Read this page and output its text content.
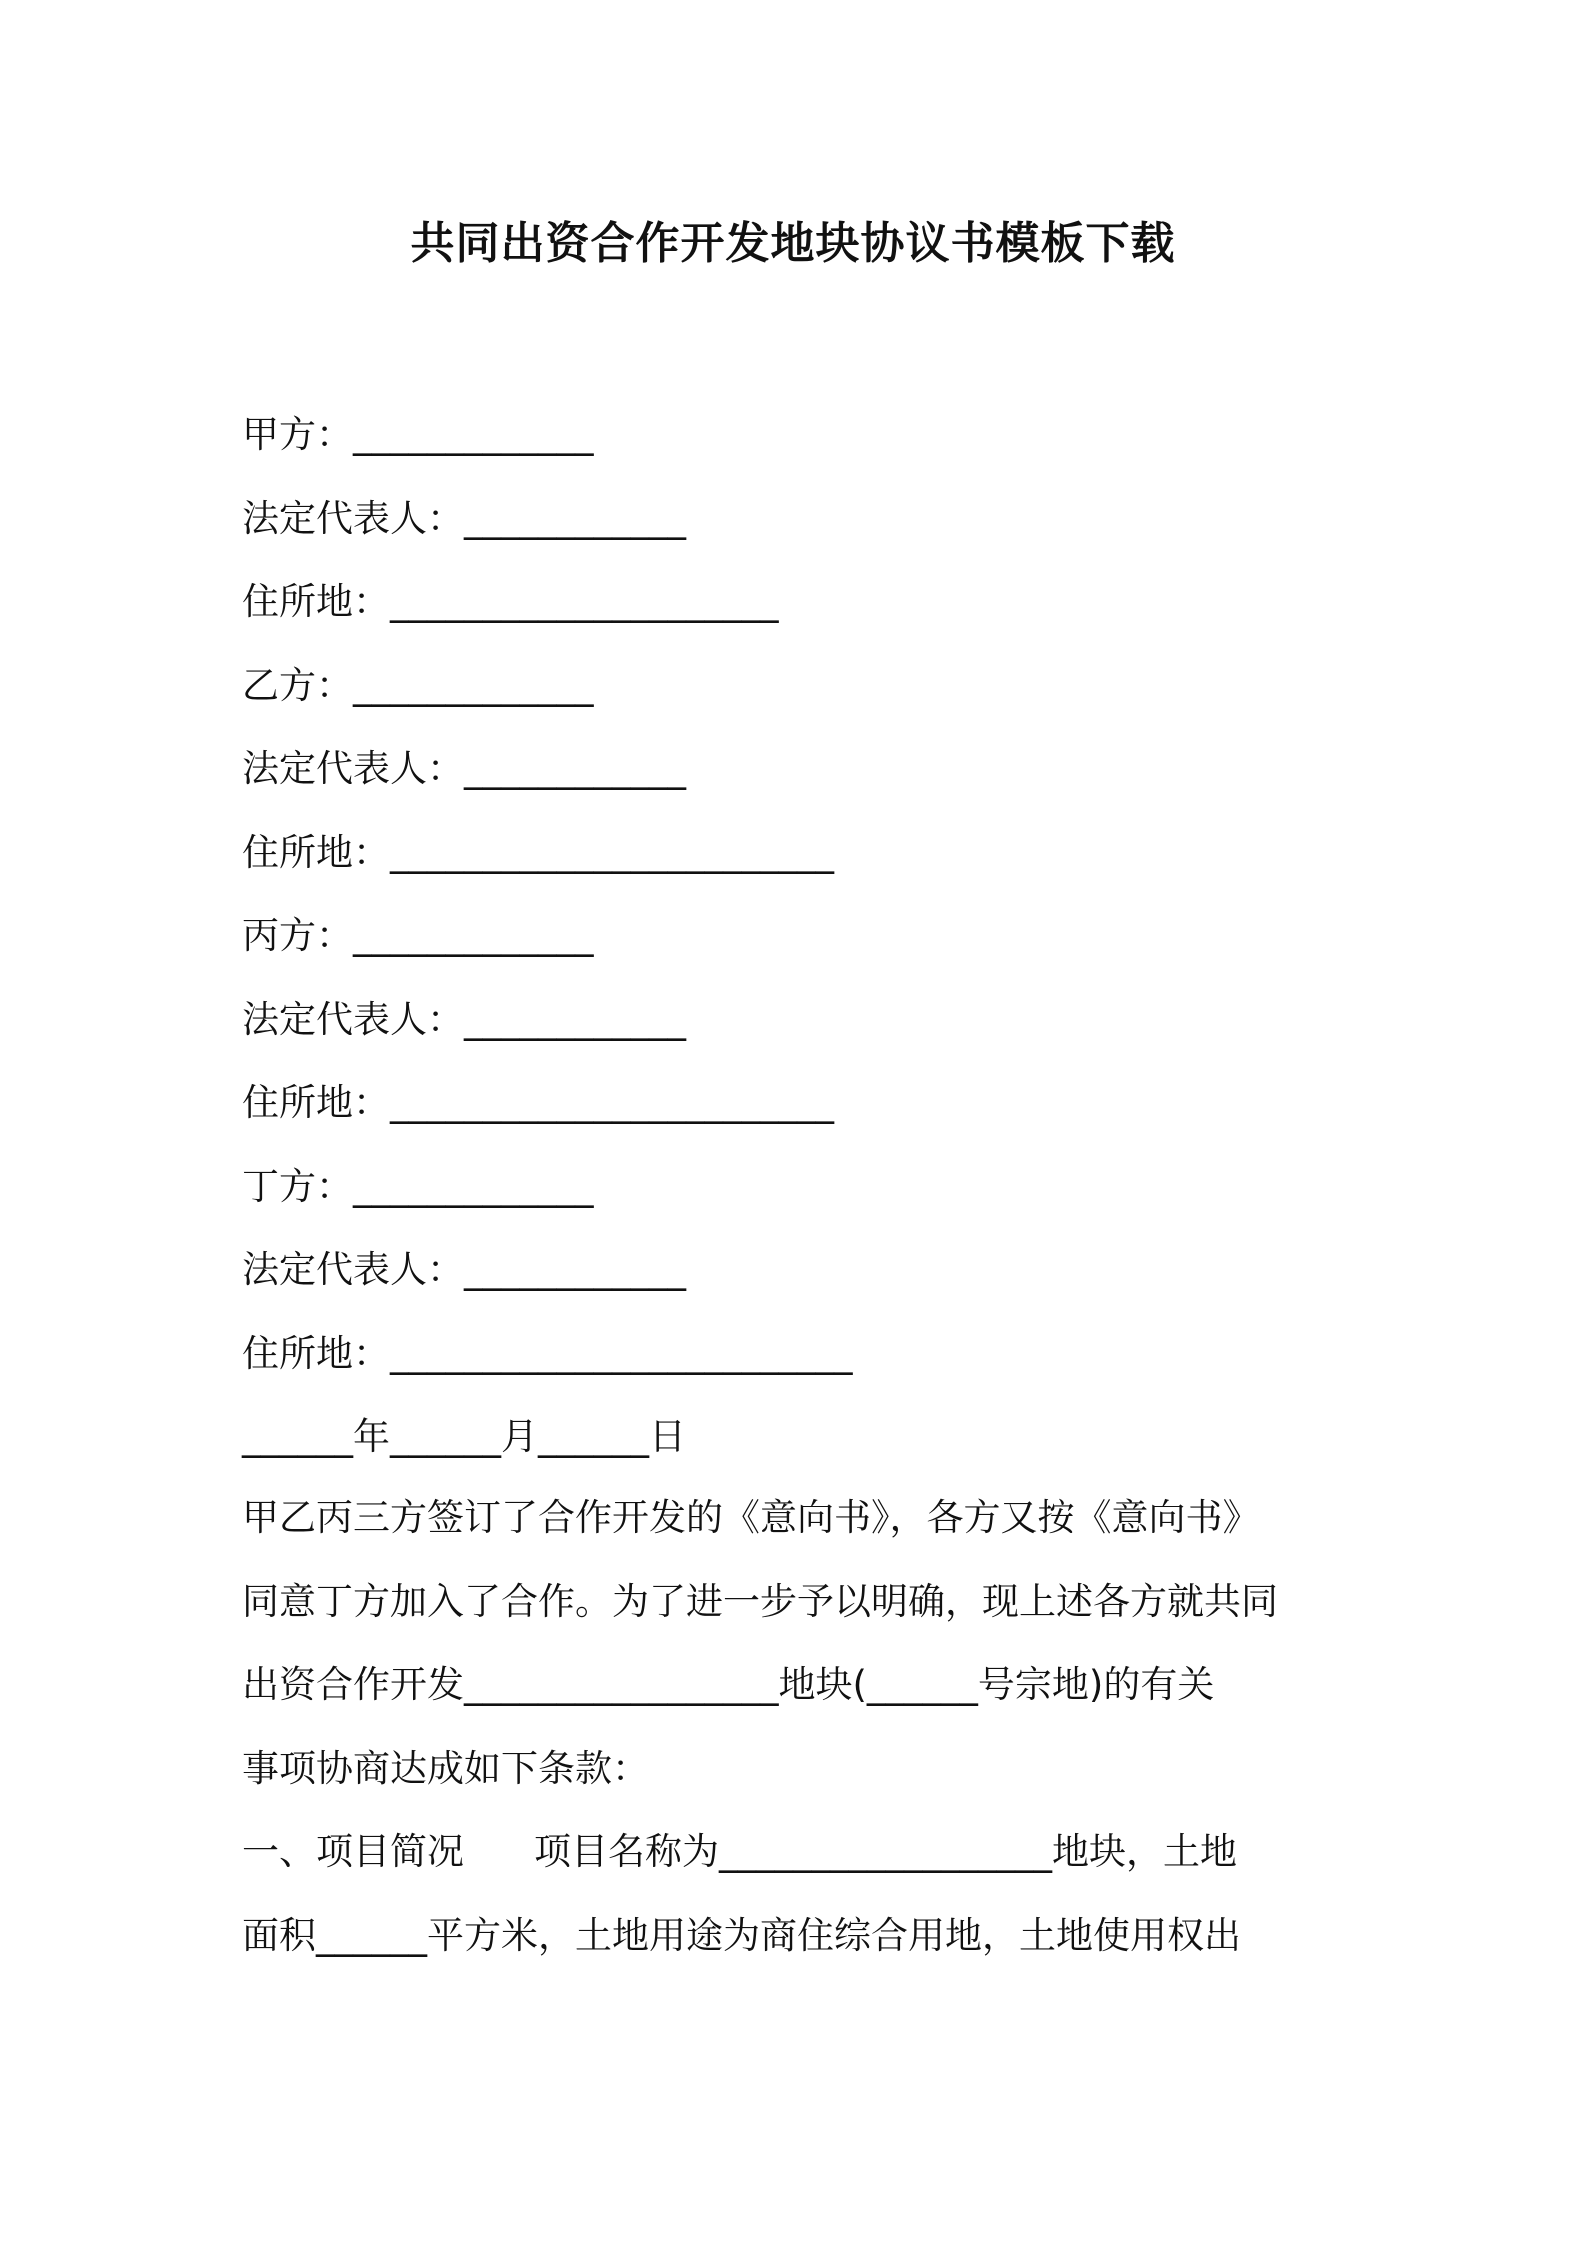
共同出资合作开发地块协议书模板下载
甲方：_____________
法定代表人：____________
住所地：_____________________
乙方：_____________
法定代表人：____________
住所地：________________________
丙方：_____________
法定代表人：____________
住所地：________________________
丁方：_____________
法定代表人：____________
住所地：_________________________
______年______月______日
甲乙丙三方签订了合作开发的《意向书》，各方又按《意向书》
同意丁方加入了合作。为了进一步予以明确，现上述各方就共同
出资合作开发_________________地块(______号宗地)的有关
事项协商达成如下条款：
一、项目简况 项目名称为__________________地块，土地
面积______平方米，土地用途为商住综合用地，土地使用权出
